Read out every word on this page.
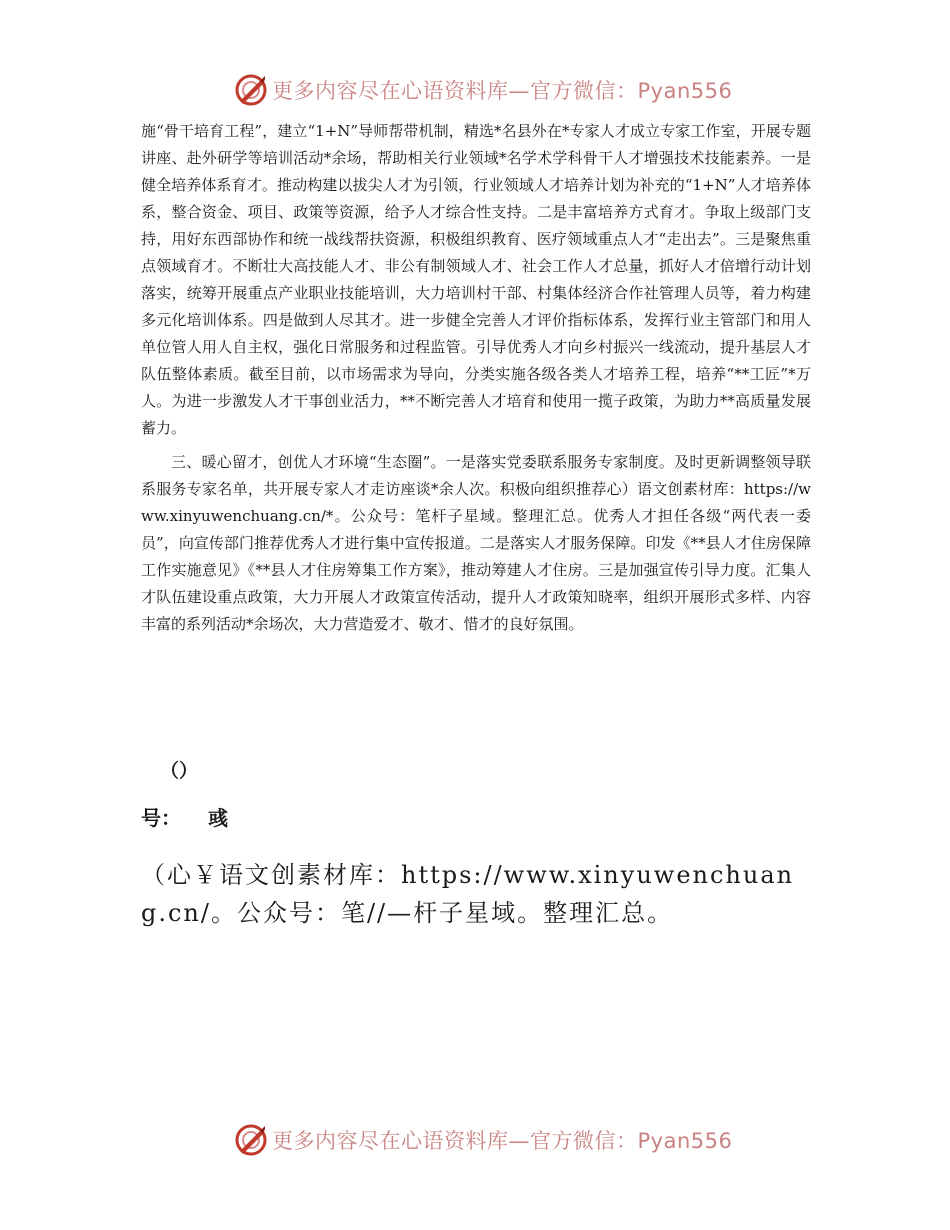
更多内容尽在心语资料库—官方微信：Pyan556

施“骨干培育工程”，建立“1+N”导师帮带机制，精选*名县外在*专家人才成立专家工作室，开展专题讲座、赴外研学等培训活动*余场，帮助相关行业领域*名学术学科骨干人才增强技术技能素养。一是健全培养体系育才。推动构建以拔尖人才为引领，行业领域人才培养计划为补充的“1+N”人才培养体系，整合资金、项目、政策等资源，给予人才综合性支持。二是丰富培养方式育才。争取上级部门支持，用好东西部协作和统一战线帮扶资源，积极组织教育、医疗领域重点人才“走出去”。三是聚焦重点领域育才。不断壮大高技能人才、非公有制领域人才、社会工作人才总量，抓好人才倍增行动计划落实，统筹开展重点产业职业技能培训，大力培训村干部、村集体经济合作社管理人员等，着力构建多元化培训体系。四是做到人尽其才。进一步健全完善人才评价指标体系，发挥行业主管部门和用人单位管人用人自主权，强化日常服务和过程监管。引导优秀人才向乡村振兴一线流动，提升基层人才队伍整体素质。截至目前，以市场需求为导向，分类实施各级各类人才培养工程，培养“**工匠”*万人。为进一步激发人才干事创业活力，**不断完善人才培育和使用一揽子政策，为助力**高质量发展蓄力。

三、暖心留才，创优人才环境“生态圈”。一是落实党委联系服务专家制度。及时更新调整领导联系服务专家名单，共开展专家人才走访座谈*余人次。积极向组织推荐心）语文创素材库：https://www.xinyuwenchuang.cn/*。公众号：笔杆子星域。整理汇总。优秀人才担任各级“两代表一委员”，向宣传部门推荐优秀人才进行集中宣传报道。二是落实人才服务保障。印发《**县人才住房保障工作实施意见》《**县人才住房筹集工作方案》，推动筹建人才住房。三是加强宣传引导力度。汇集人才队伍建设重点政策，大力开展人才政策宣传活动，提升人才政策知晓率，组织开展形式多样、内容丰富的系列活动*余场次，大力营造爱才、敬才、惜才的良好氛围。

（）
号： 彧
（心￥语文创素材库：https://www.xinyuwenchuang.cn/。公众号：笔//—杆子星域。整理汇总。
更多内容尽在心语资料库—官方微信：Pyan556
